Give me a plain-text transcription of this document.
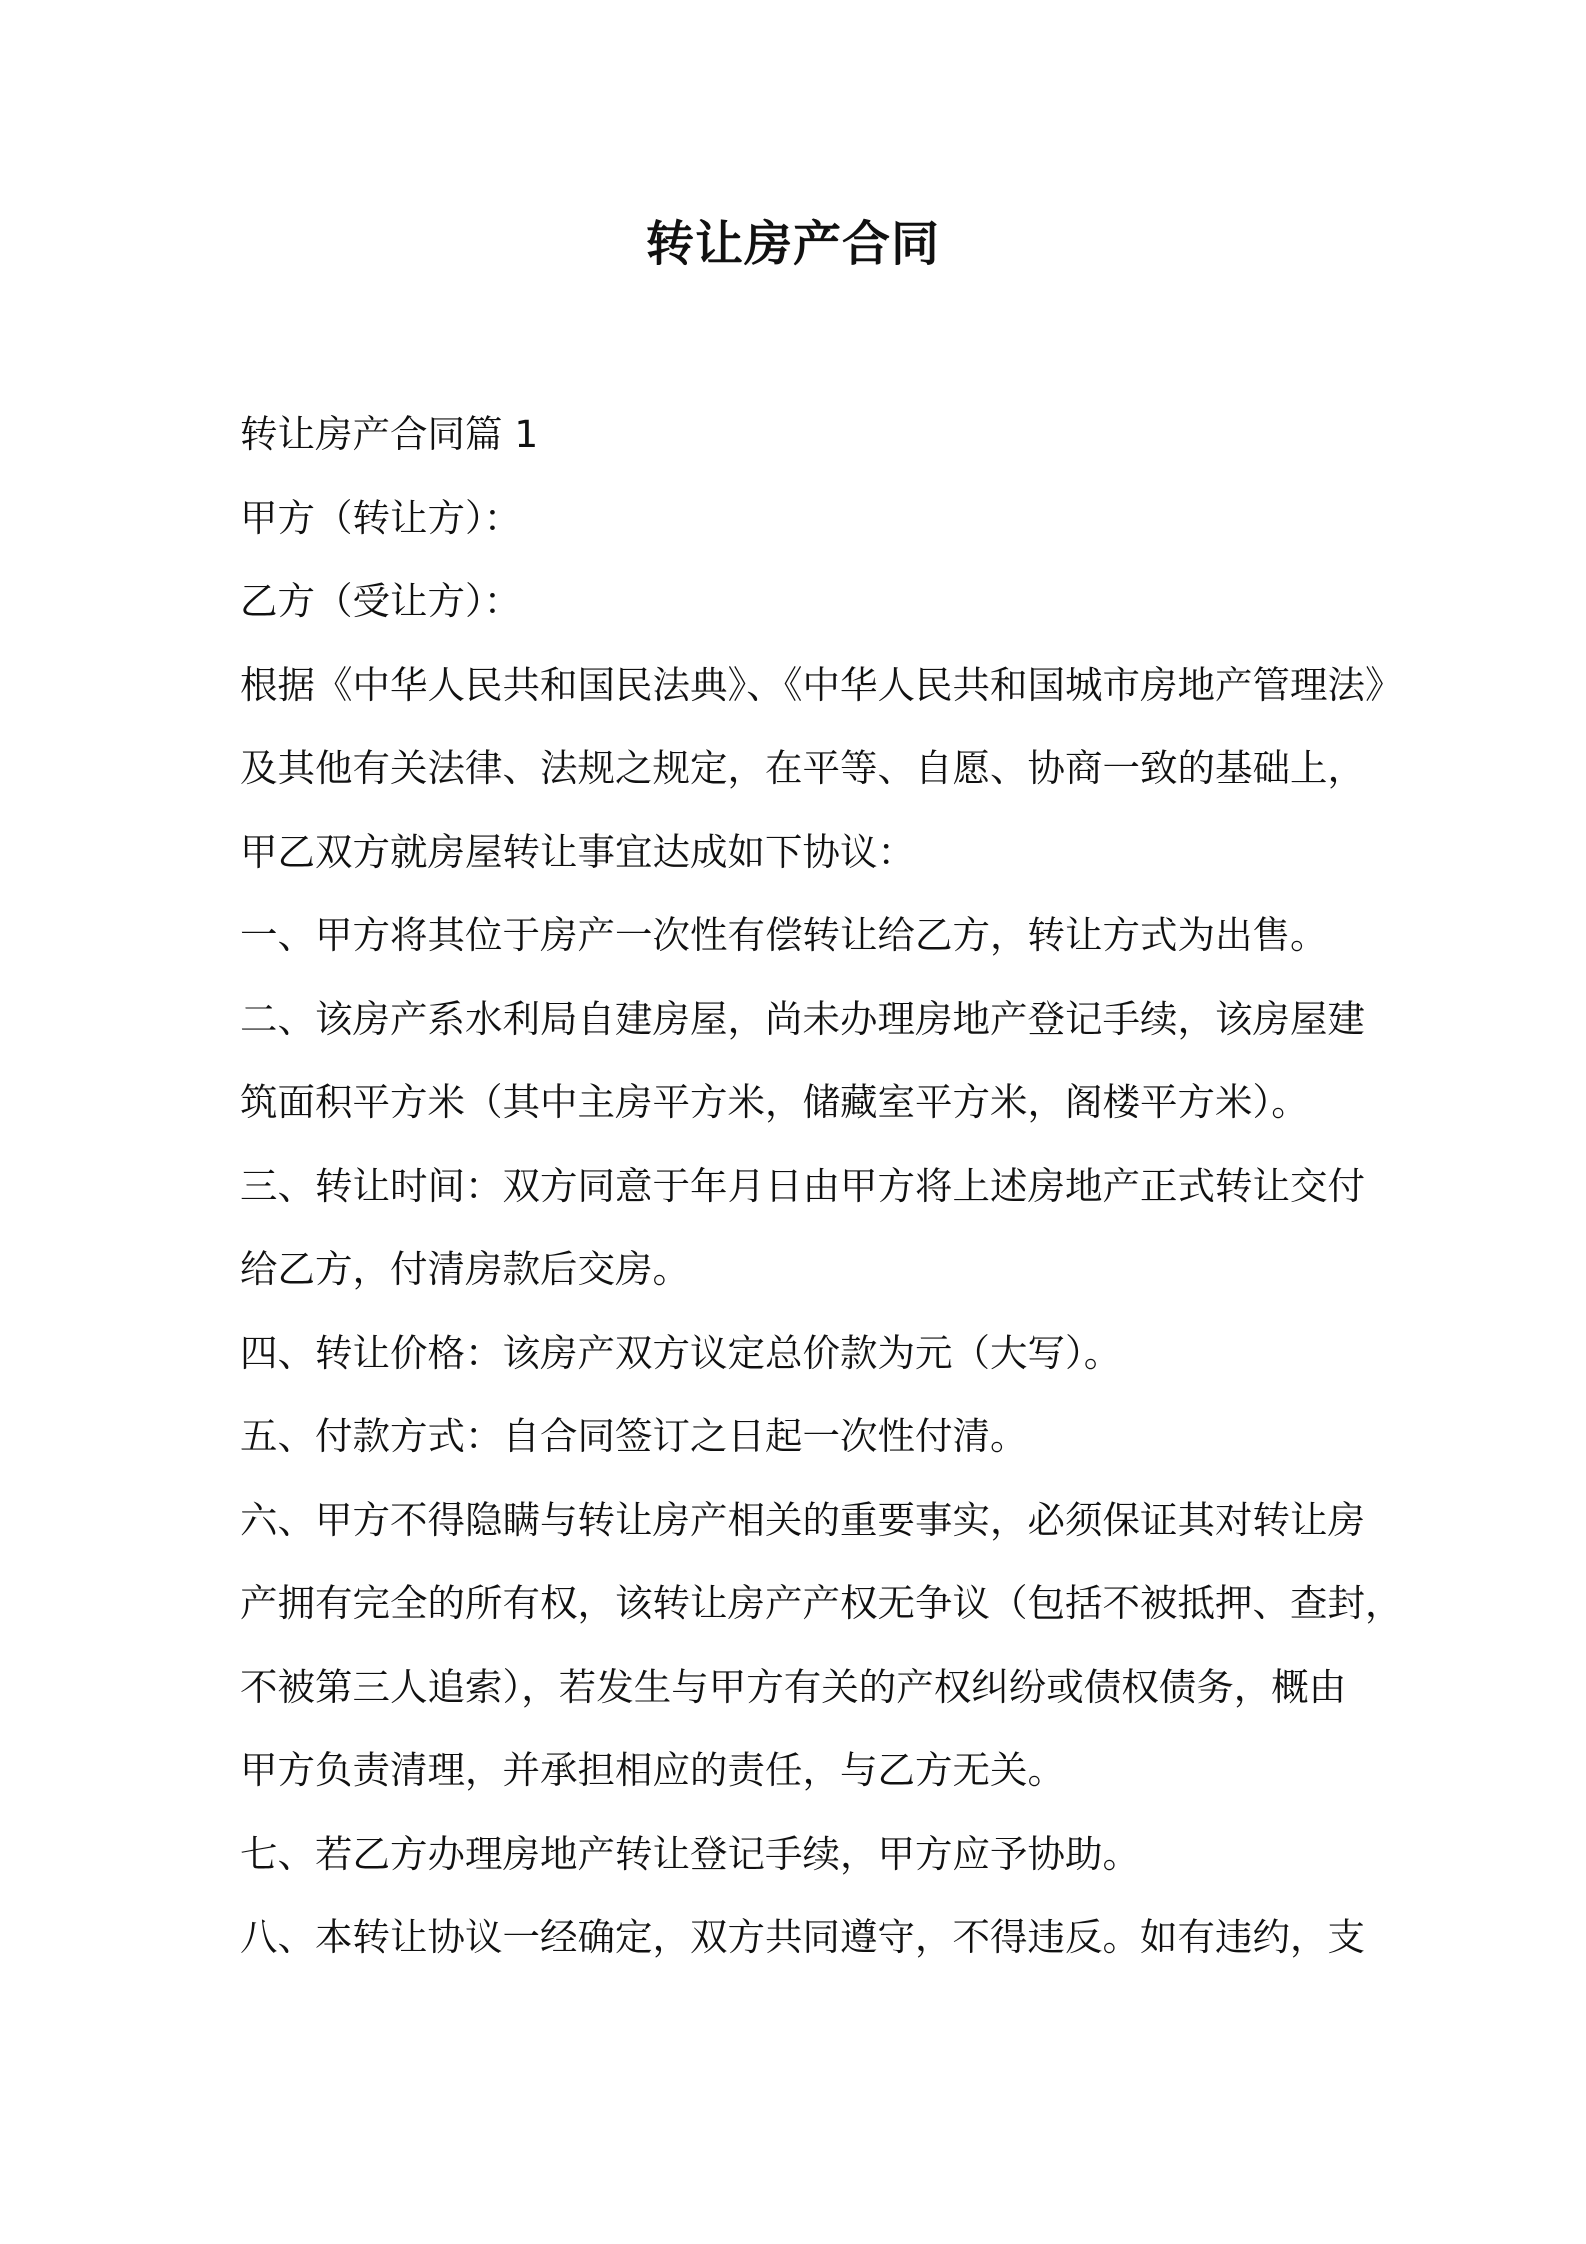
转让房产合同
转让房产合同篇 1
甲方（转让方）：
乙方（受让方）：
根据《中华人民共和国民法典》、《中华人民共和国城市房地产管理法》
及其他有关法律、法规之规定，在平等、自愿、协商一致的基础上，
甲乙双方就房屋转让事宜达成如下协议：
一、甲方将其位于房产一次性有偿转让给乙方，转让方式为出售。
二、该房产系水利局自建房屋，尚未办理房地产登记手续，该房屋建
筑面积平方米（其中主房平方米，储藏室平方米，阁楼平方米）。
三、转让时间：双方同意于年月日由甲方将上述房地产正式转让交付
给乙方，付清房款后交房。
四、转让价格：该房产双方议定总价款为元（大写）。
五、付款方式：自合同签订之日起一次性付清。
六、甲方不得隐瞒与转让房产相关的重要事实，必须保证其对转让房
产拥有完全的所有权，该转让房产产权无争议（包括不被抵押、查封，
不被第三人追索），若发生与甲方有关的产权纠纷或债权债务，概由
甲方负责清理，并承担相应的责任，与乙方无关。
七、若乙方办理房地产转让登记手续，甲方应予协助。
八、本转让协议一经确定，双方共同遵守，不得违反。如有违约，支
